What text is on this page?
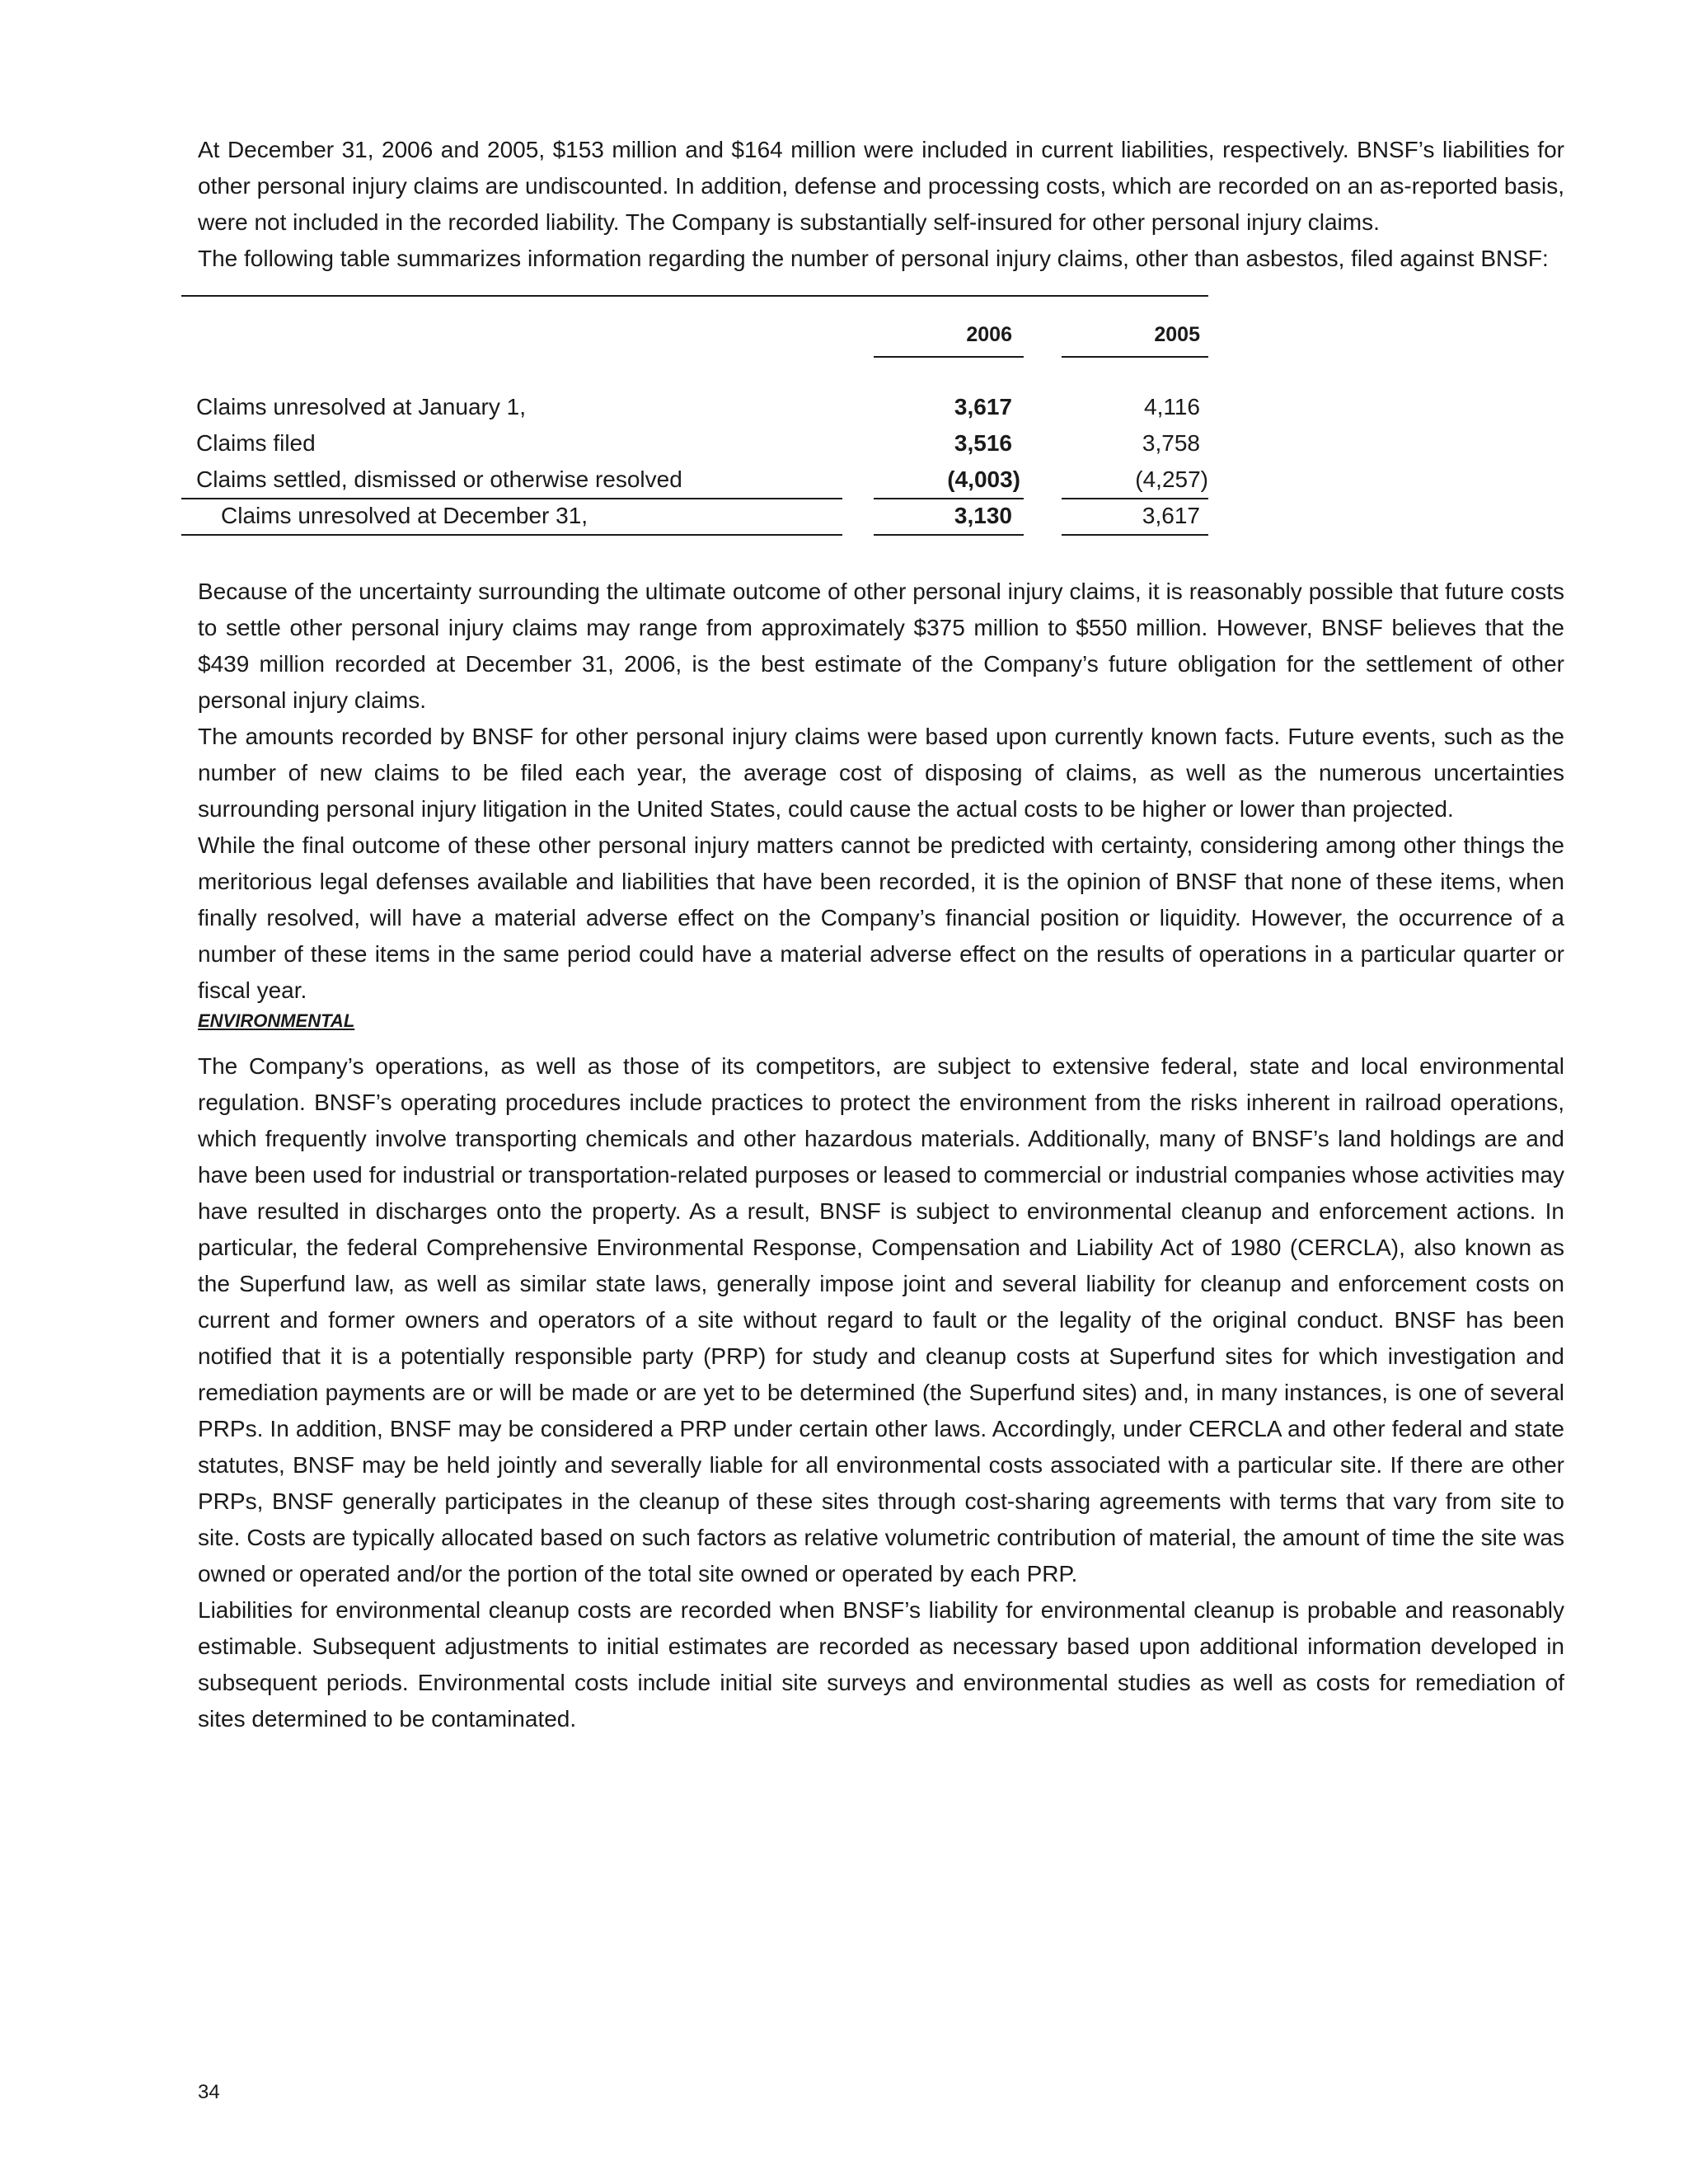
At December 31, 2006 and 2005, $153 million and $164 million were included in current liabilities, respectively. BNSF’s liabilities for other personal injury claims are undiscounted. In addition, defense and processing costs, which are recorded on an as-reported basis, were not included in the recorded liability. The Company is substantially self-insured for other personal injury claims.

The following table summarizes information regarding the number of personal injury claims, other than asbestos, filed against BNSF:

2006	2005
Claims unresolved at January 1,	3,617	4,116
Claims filed	3,516	3,758
Claims settled, dismissed or otherwise resolved	(4,003)	(4,257)
Claims unresolved at December 31,	3,130	3,617

Because of the uncertainty surrounding the ultimate outcome of other personal injury claims, it is reasonably possible that future costs to settle other personal injury claims may range from approximately $375 million to $550 million. However, BNSF believes that the $439 million recorded at December 31, 2006, is the best estimate of the Company’s future obligation for the settlement of other personal injury claims.

The amounts recorded by BNSF for other personal injury claims were based upon currently known facts. Future events, such as the number of new claims to be filed each year, the average cost of disposing of claims, as well as the numerous uncertainties surrounding personal injury litigation in the United States, could cause the actual costs to be higher or lower than projected.

While the final outcome of these other personal injury matters cannot be predicted with certainty, considering among other things the meritorious legal defenses available and liabilities that have been recorded, it is the opinion of BNSF that none of these items, when finally resolved, will have a material adverse effect on the Company’s financial position or liquidity. However, the occurrence of a number of these items in the same period could have a material adverse effect on the results of operations in a particular quarter or fiscal year.

ENVIRONMENTAL

The Company’s operations, as well as those of its competitors, are subject to extensive federal, state and local environmental regulation. BNSF’s operating procedures include practices to protect the environment from the risks inherent in railroad operations, which frequently involve transporting chemicals and other hazardous materials. Additionally, many of BNSF’s land holdings are and have been used for industrial or transportation-related purposes or leased to commercial or industrial companies whose activities may have resulted in discharges onto the property. As a result, BNSF is subject to environmental cleanup and enforcement actions. In particular, the federal Comprehensive Environmental Response, Compensation and Liability Act of 1980 (CERCLA), also known as the Superfund law, as well as similar state laws, generally impose joint and several liability for cleanup and enforcement costs on current and former owners and operators of a site without regard to fault or the legality of the original conduct. BNSF has been notified that it is a potentially responsible party (PRP) for study and cleanup costs at Superfund sites for which investigation and remediation payments are or will be made or are yet to be determined (the Superfund sites) and, in many instances, is one of several PRPs. In addition, BNSF may be considered a PRP under certain other laws. Accordingly, under CERCLA and other federal and state statutes, BNSF may be held jointly and severally liable for all environmental costs associated with a particular site. If there are other PRPs, BNSF generally participates in the cleanup of these sites through cost-sharing agreements with terms that vary from site to site. Costs are typically allocated based on such factors as relative volumetric contribution of material, the amount of time the site was owned or operated and/or the portion of the total site owned or operated by each PRP.

Liabilities for environmental cleanup costs are recorded when BNSF’s liability for environmental cleanup is probable and reasonably estimable. Subsequent adjustments to initial estimates are recorded as necessary based upon additional information developed in subsequent periods. Environmental costs include initial site surveys and environmental studies as well as costs for remediation of sites determined to be contaminated.

34
